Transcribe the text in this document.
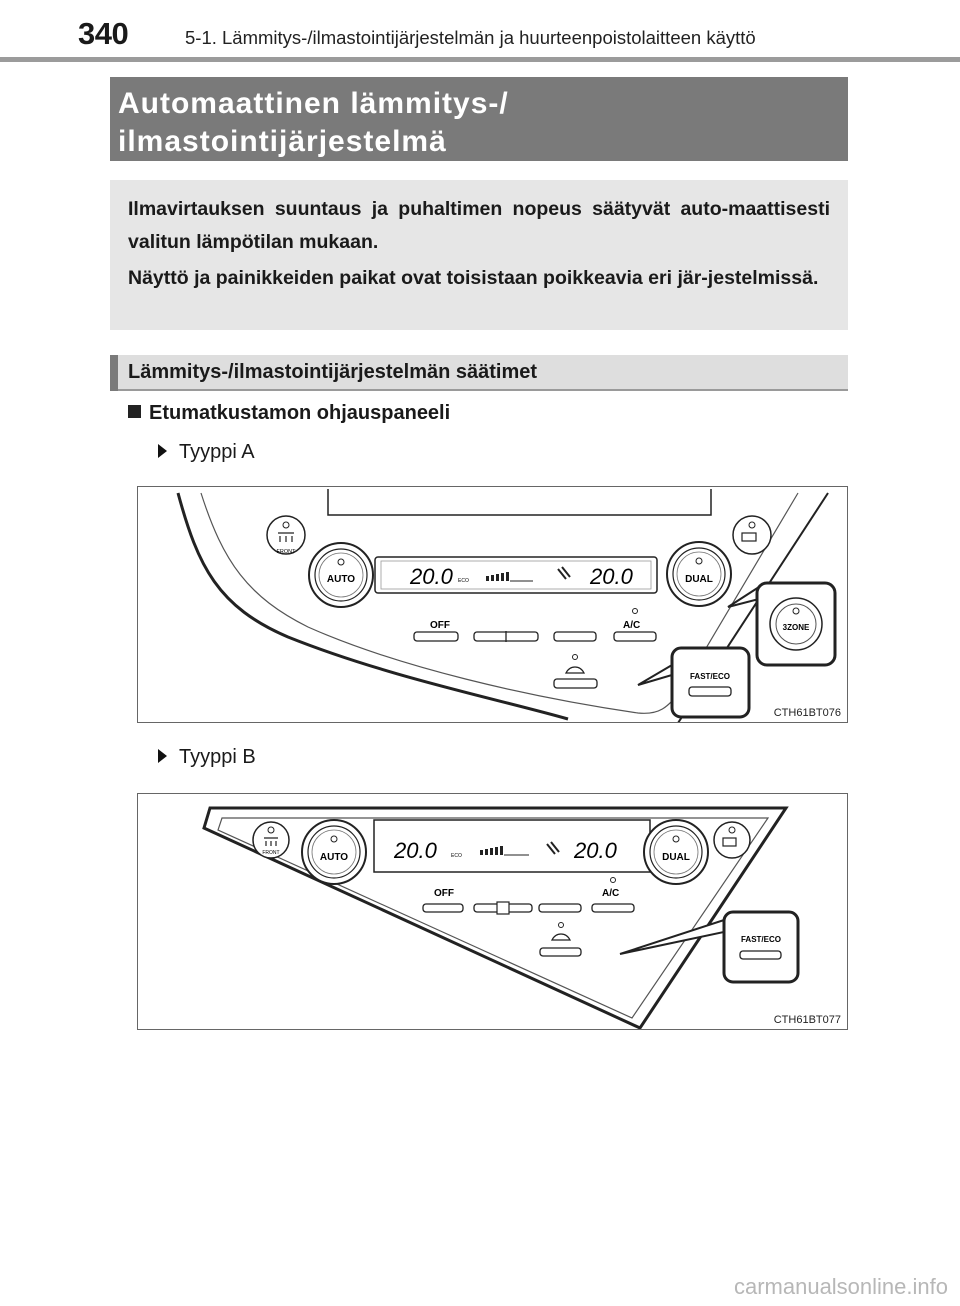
340	5-1. Lämmitys-/ilmastointijärjestelmän ja huurteenpoistolaitteen käyttö
Automaattinen lämmitys-/
ilmastointijärjestelmä
Ilmavirtauksen suuntaus ja puhaltimen nopeus säätyvät auto-maattisesti valitun lämpötilan mukaan.
Näyttö ja painikkeiden paikat ovat toisistaan poikkeavia eri jär-jestelmissä.
Lämmitys-/ilmastointijärjestelmän säätimet
Etumatkustamon ohjauspaneeli
Tyyppi A
FRONT
AUTO 20.0 ECO	20.0	DUAL
OFF	A/C
FAST/ECO
3ZONE
CTH61BT076
Tyyppi B
FRONT	AUTO 20.0	ECO	20.0	DUAL
OFF	A/C
FAST/ECO
CTH61BT077
carmanualsonline.info
